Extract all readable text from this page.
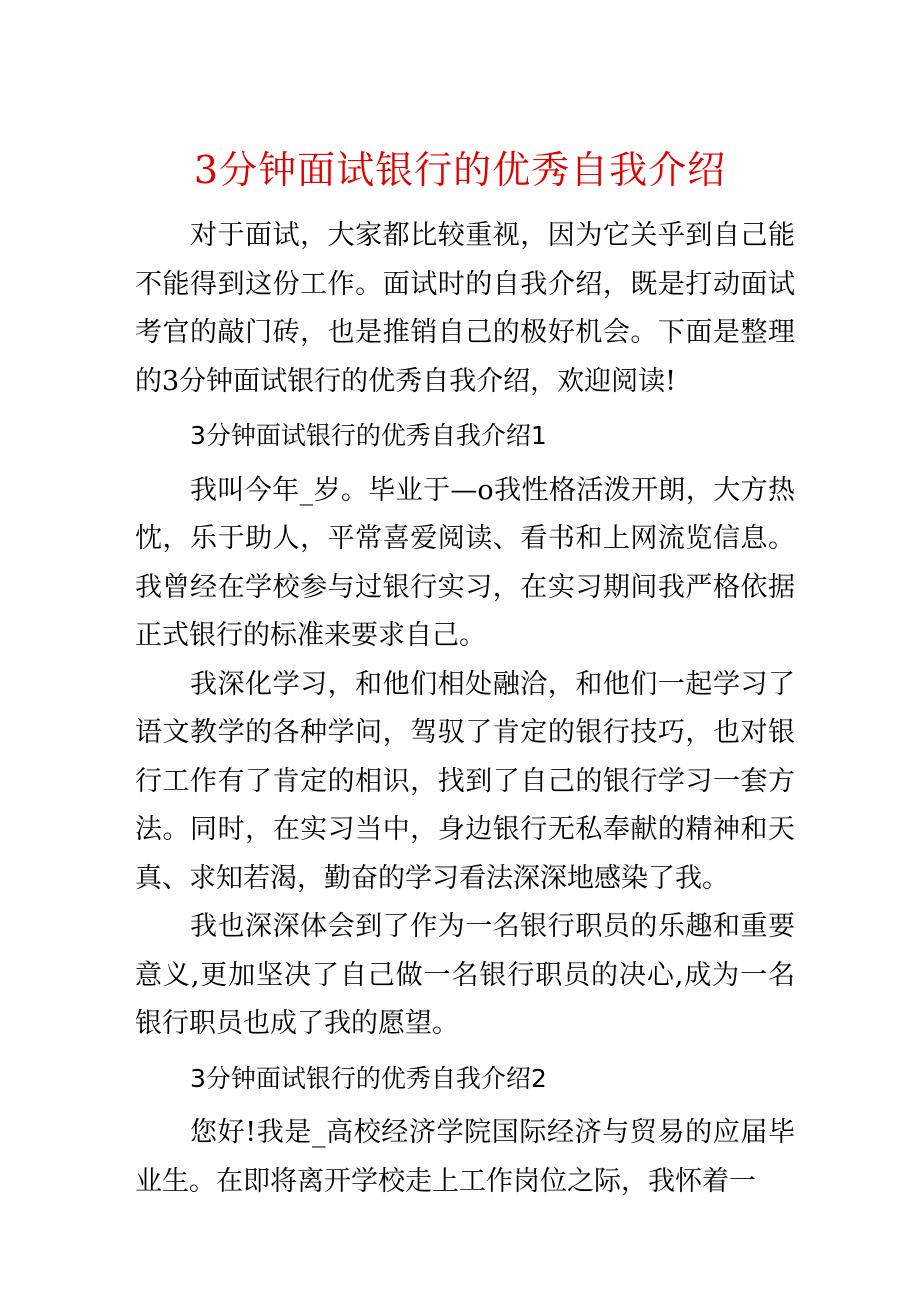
3分钟面试银行的优秀自我介绍

对于面试，大家都比较重视，因为它关乎到自己能不能得到这份工作。面试时的自我介绍，既是打动面试考官的敲门砖，也是推销自己的极好机会。下面是整理的3分钟面试银行的优秀自我介绍，欢迎阅读!

3分钟面试银行的优秀自我介绍1

我叫今年_岁。毕业于—o我性格活泼开朗，大方热忱，乐于助人，平常喜爱阅读、看书和上网流览信息。我曾经在学校参与过银行实习，在实习期间我严格依据正式银行的标准来要求自己。

我深化学习，和他们相处融洽，和他们一起学习了语文教学的各种学问，驾驭了肯定的银行技巧，也对银行工作有了肯定的相识，找到了自己的银行学习一套方法。同时，在实习当中，身边银行无私奉献的精神和天真、求知若渴，勤奋的学习看法深深地感染了我。

我也深深体会到了作为一名银行职员的乐趣和重要意义,更加坚决了自己做一名银行职员的决心,成为一名银行职员也成了我的愿望。

3分钟面试银行的优秀自我介绍2

您好!我是_高校经济学院国际经济与贸易的应届毕业生。在即将离开学校走上工作岗位之际，我怀着一
